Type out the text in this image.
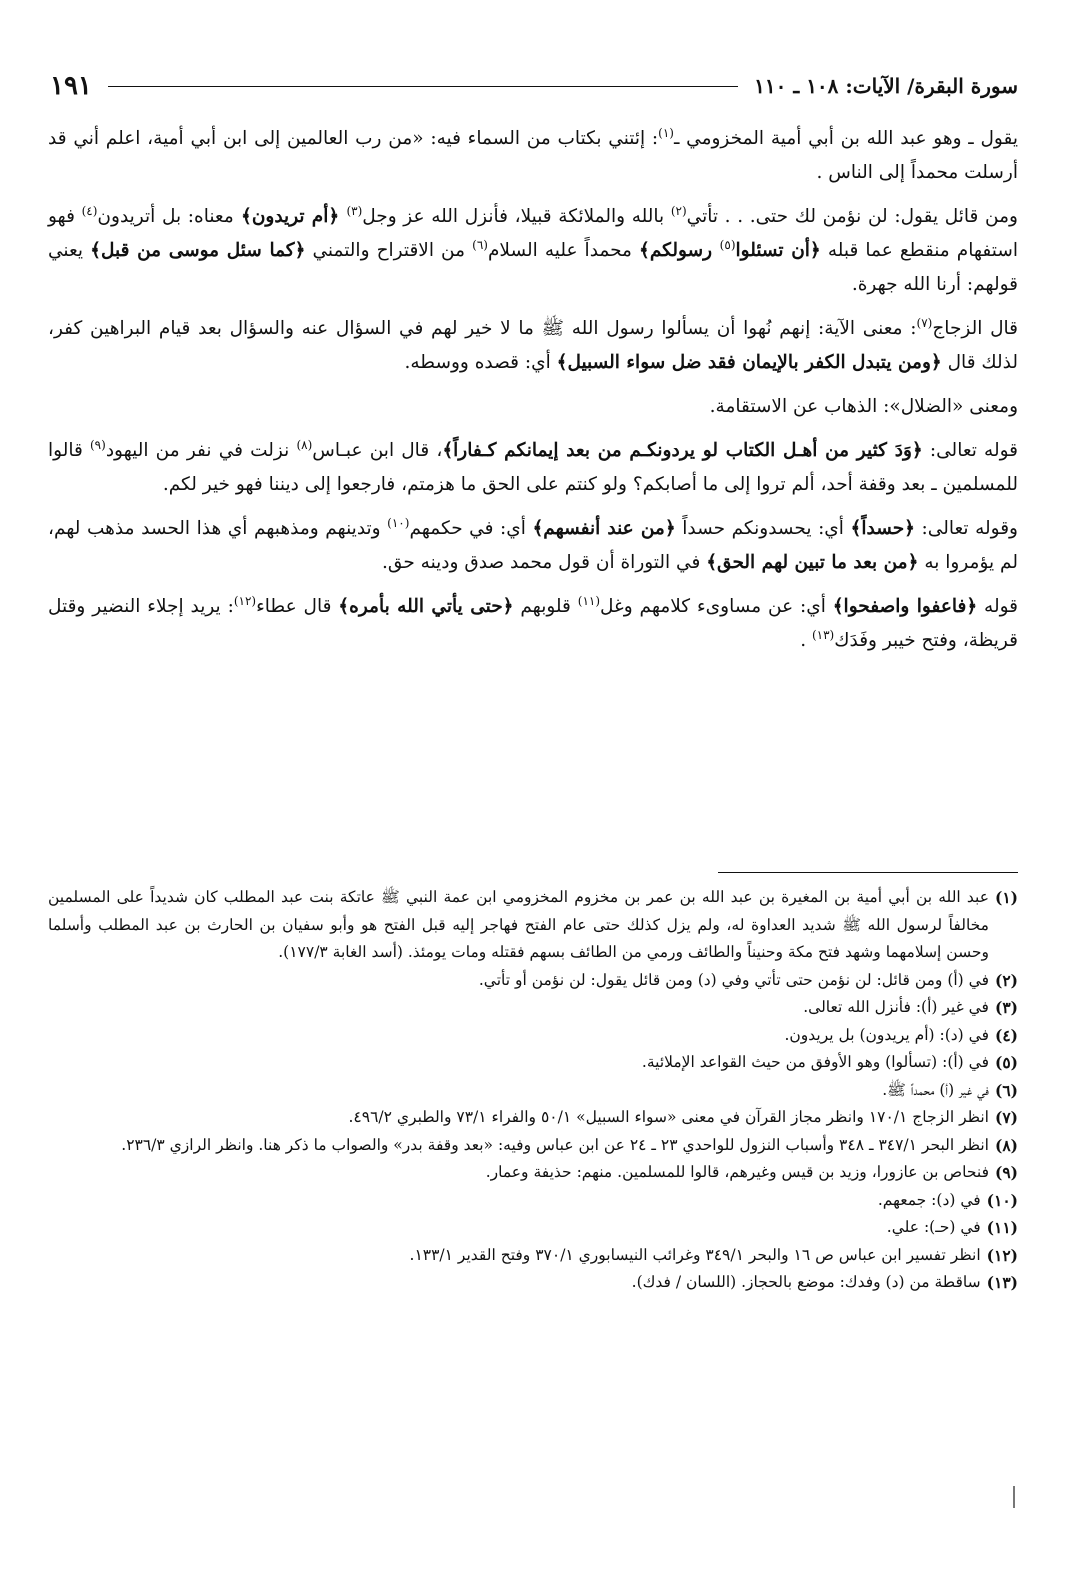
سورة البقرة/ الآيات: ١٠٨ ـ ١١٠
١٩١

يقول ـ وهو عبد الله بن أبي أمية المخزومي ـ$^{(١)}$: إئتني بكتاب من السماء فيه: «من رب العالمين إلى ابن أبي أمية، اعلم أني قد أرسلت محمداً إلى الناس .

ومن قائل يقول: لن نؤمن لك حتى. . . تأتي$^{(٢)}$ بالله والملائكة قبيلا، فأنزل الله عز وجل$^{(٣)}$ ﴿أم تريدون﴾ معناه: بل أتريدون$^{(٤)}$ فهو استفهام منقطع عما قبله ﴿أن تسئلوا$^{(٥)}$ رسولكم﴾ محمداً عليه السلام$^{(٦)}$ من الاقتراح والتمني ﴿كما سئل موسى من قبل﴾ يعني قولهم: أرنا الله جهرة.

قال الزجاج$^{(٧)}$: معنى الآية: إنهم نُهوا أن يسألوا رسول الله ﷺ ما لا خير لهم في السؤال عنه والسؤال بعد قيام البراهين كفر، لذلك قال ﴿ومن يتبدل الكفر بالإيمان فقد ضل سواء السبيل﴾ أي: قصده ووسطه.

ومعنى «الضلال»: الذهاب عن الاستقامة.

قوله تعالى: ﴿وَدَ كثير من أهـل الكتاب لو يردونكـم من بعد إيمانكم كـفاراً﴾، قال ابن عبـاس$^{(٨)}$ نزلت في نفر من اليهود$^{(٩)}$ قالوا للمسلمين ـ بعد وقفة أحد، ألم تروا إلى ما أصابكم؟ ولو كنتم على الحق ما هزمتم، فارجعوا إلى ديننا فهو خير لكم.

وقوله تعالى: ﴿حسداً﴾ أي: يحسدونكم حسداً ﴿من عند أنفسهم﴾ أي: في حكمهم$^{(١٠)}$ وتدينهم ومذهبهم أي هذا الحسد مذهب لهم، لم يؤمروا به ﴿من بعد ما تبين لهم الحق﴾ في التوراة أن قول محمد صدق ودينه حق.

قوله ﴿فاعفوا واصفحوا﴾ أي: عن مساوىء كلامهم وغل$^{(١١)}$ قلوبهم ﴿حتى يأتي الله بأمره﴾ قال عطاء$^{(١٢)}$: يريد إجلاء النضير وقتل قريظة، وفتح خيبر وفَدَك$^{(١٣)}$ .

(١)
عبد الله بن أبي أمية بن المغيرة بن عبد الله بن عمر بن مخزوم المخزومي ابن عمة النبي ﷺ عاتكة بنت عبد المطلب كان شديداً على المسلمين مخالفاً لرسول الله ﷺ شديد العداوة له، ولم يزل كذلك حتى عام الفتح فهاجر إليه قبل الفتح هو وأبو سفيان بن الحارث بن عبد المطلب وأسلما وحسن إسلامهما وشهد فتح مكة وحنيناً والطائف ورمي من الطائف بسهم فقتله ومات يومئذ. (أسد الغابة ١٧٧/٣).
(٢)
في (أ) ومن قائل: لن نؤمن حتى تأتي وفي (د) ومن قائل يقول: لن نؤمن أو تأتي.
(٣)
في غير (أ): فأنزل الله تعالى.
(٤)
في (د): (أم يريدون) بل يريدون.
(٥)
في (أ): (تسألوا) وهو الأوفق من حيث القواعد الإملائية.
(٦)
في غير (أ) محمداً ﷺ.
(٧)
انظر الزجاج ١٧٠/١ وانظر مجاز القرآن في معنى «سواء السبيل» ٥٠/١ والفراء ٧٣/١ والطبري ٤٩٦/٢.
(٨)
انظر البحر ٣٤٧/١ ـ ٣٤٨ وأسباب النزول للواحدي ٢٣ ـ ٢٤ عن ابن عباس وفيه: «بعد وقفة بدر» والصواب ما ذكر هنا. وانظر الرازي ٢٣٦/٣.
(٩)
فنحاص بن عازورا، وزيد بن قيس وغيرهم، قالوا للمسلمين. منهم: حذيفة وعمار.
(١٠)
في (د): جمعهم.
(١١)
في (حـ): علي.
(١٢)
انظر تفسير ابن عباس ص ١٦ والبحر ٣٤٩/١ وغرائب النيسابوري ٣٧٠/١ وفتح القدير ١٣٣/١.
(١٣)
ساقطة من (د) وفدك: موضع بالحجاز. (اللسان / فدك).
